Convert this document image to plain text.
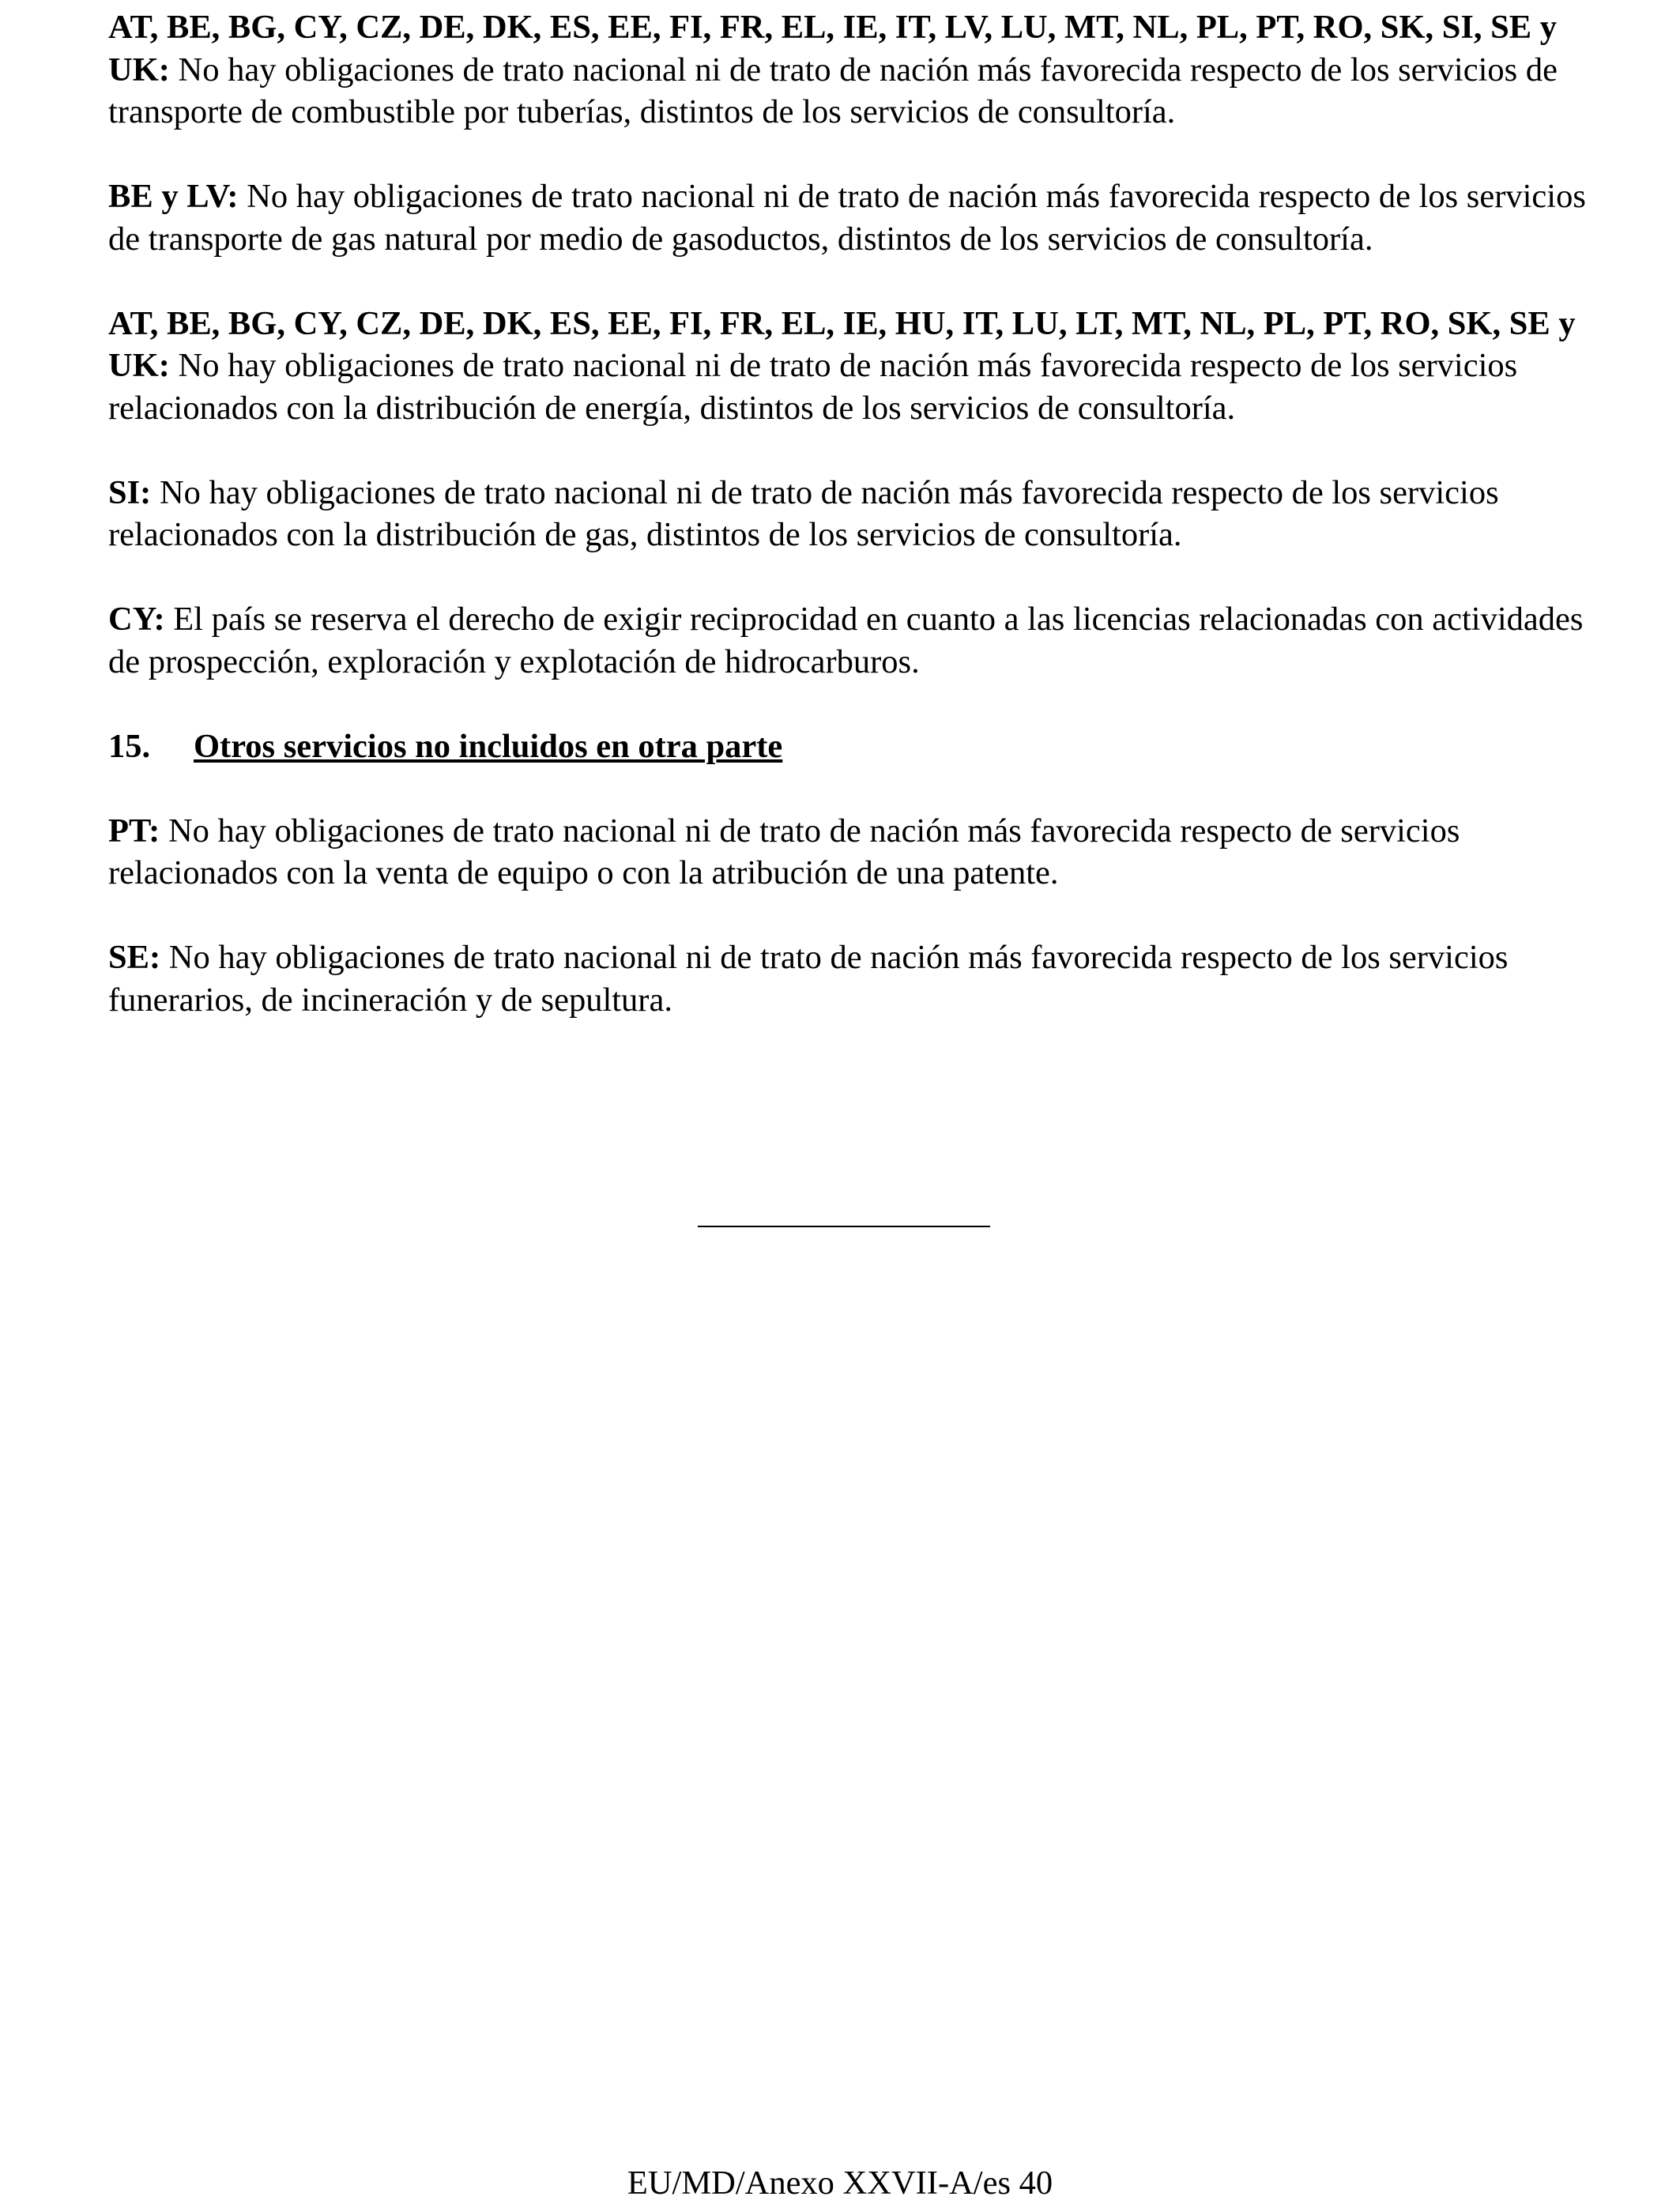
AT, BE, BG, CY, CZ, DE, DK, ES, EE, FI, FR, EL, IE, IT, LV, LU, MT, NL, PL, PT, RO, SK, SI, SE y UK: No hay obligaciones de trato nacional ni de trato de nación más favorecida respecto de los servicios de transporte de combustible por tuberías, distintos de los servicios de consultoría.

BE y LV: No hay obligaciones de trato nacional ni de trato de nación más favorecida respecto de los servicios de transporte de gas natural por medio de gasoductos, distintos de los servicios de consultoría.

AT, BE, BG, CY, CZ, DE, DK, ES, EE, FI, FR, EL, IE, HU, IT, LU, LT, MT, NL, PL, PT, RO, SK, SE y UK: No hay obligaciones de trato nacional ni de trato de nación más favorecida respecto de los servicios relacionados con la distribución de energía, distintos de los servicios de consultoría.

SI: No hay obligaciones de trato nacional ni de trato de nación más favorecida respecto de los servicios relacionados con la distribución de gas, distintos de los servicios de consultoría.

CY: El país se reserva el derecho de exigir reciprocidad en cuanto a las licencias relacionadas con actividades de prospección, exploración y explotación de hidrocarburos.

15. Otros servicios no incluidos en otra parte

PT: No hay obligaciones de trato nacional ni de trato de nación más favorecida respecto de servicios relacionados con la venta de equipo o con la atribución de una patente.

SE: No hay obligaciones de trato nacional ni de trato de nación más favorecida respecto de los servicios funerarios, de incineración y de sepultura.

EU/MD/Anexo XXVII-A/es 40
